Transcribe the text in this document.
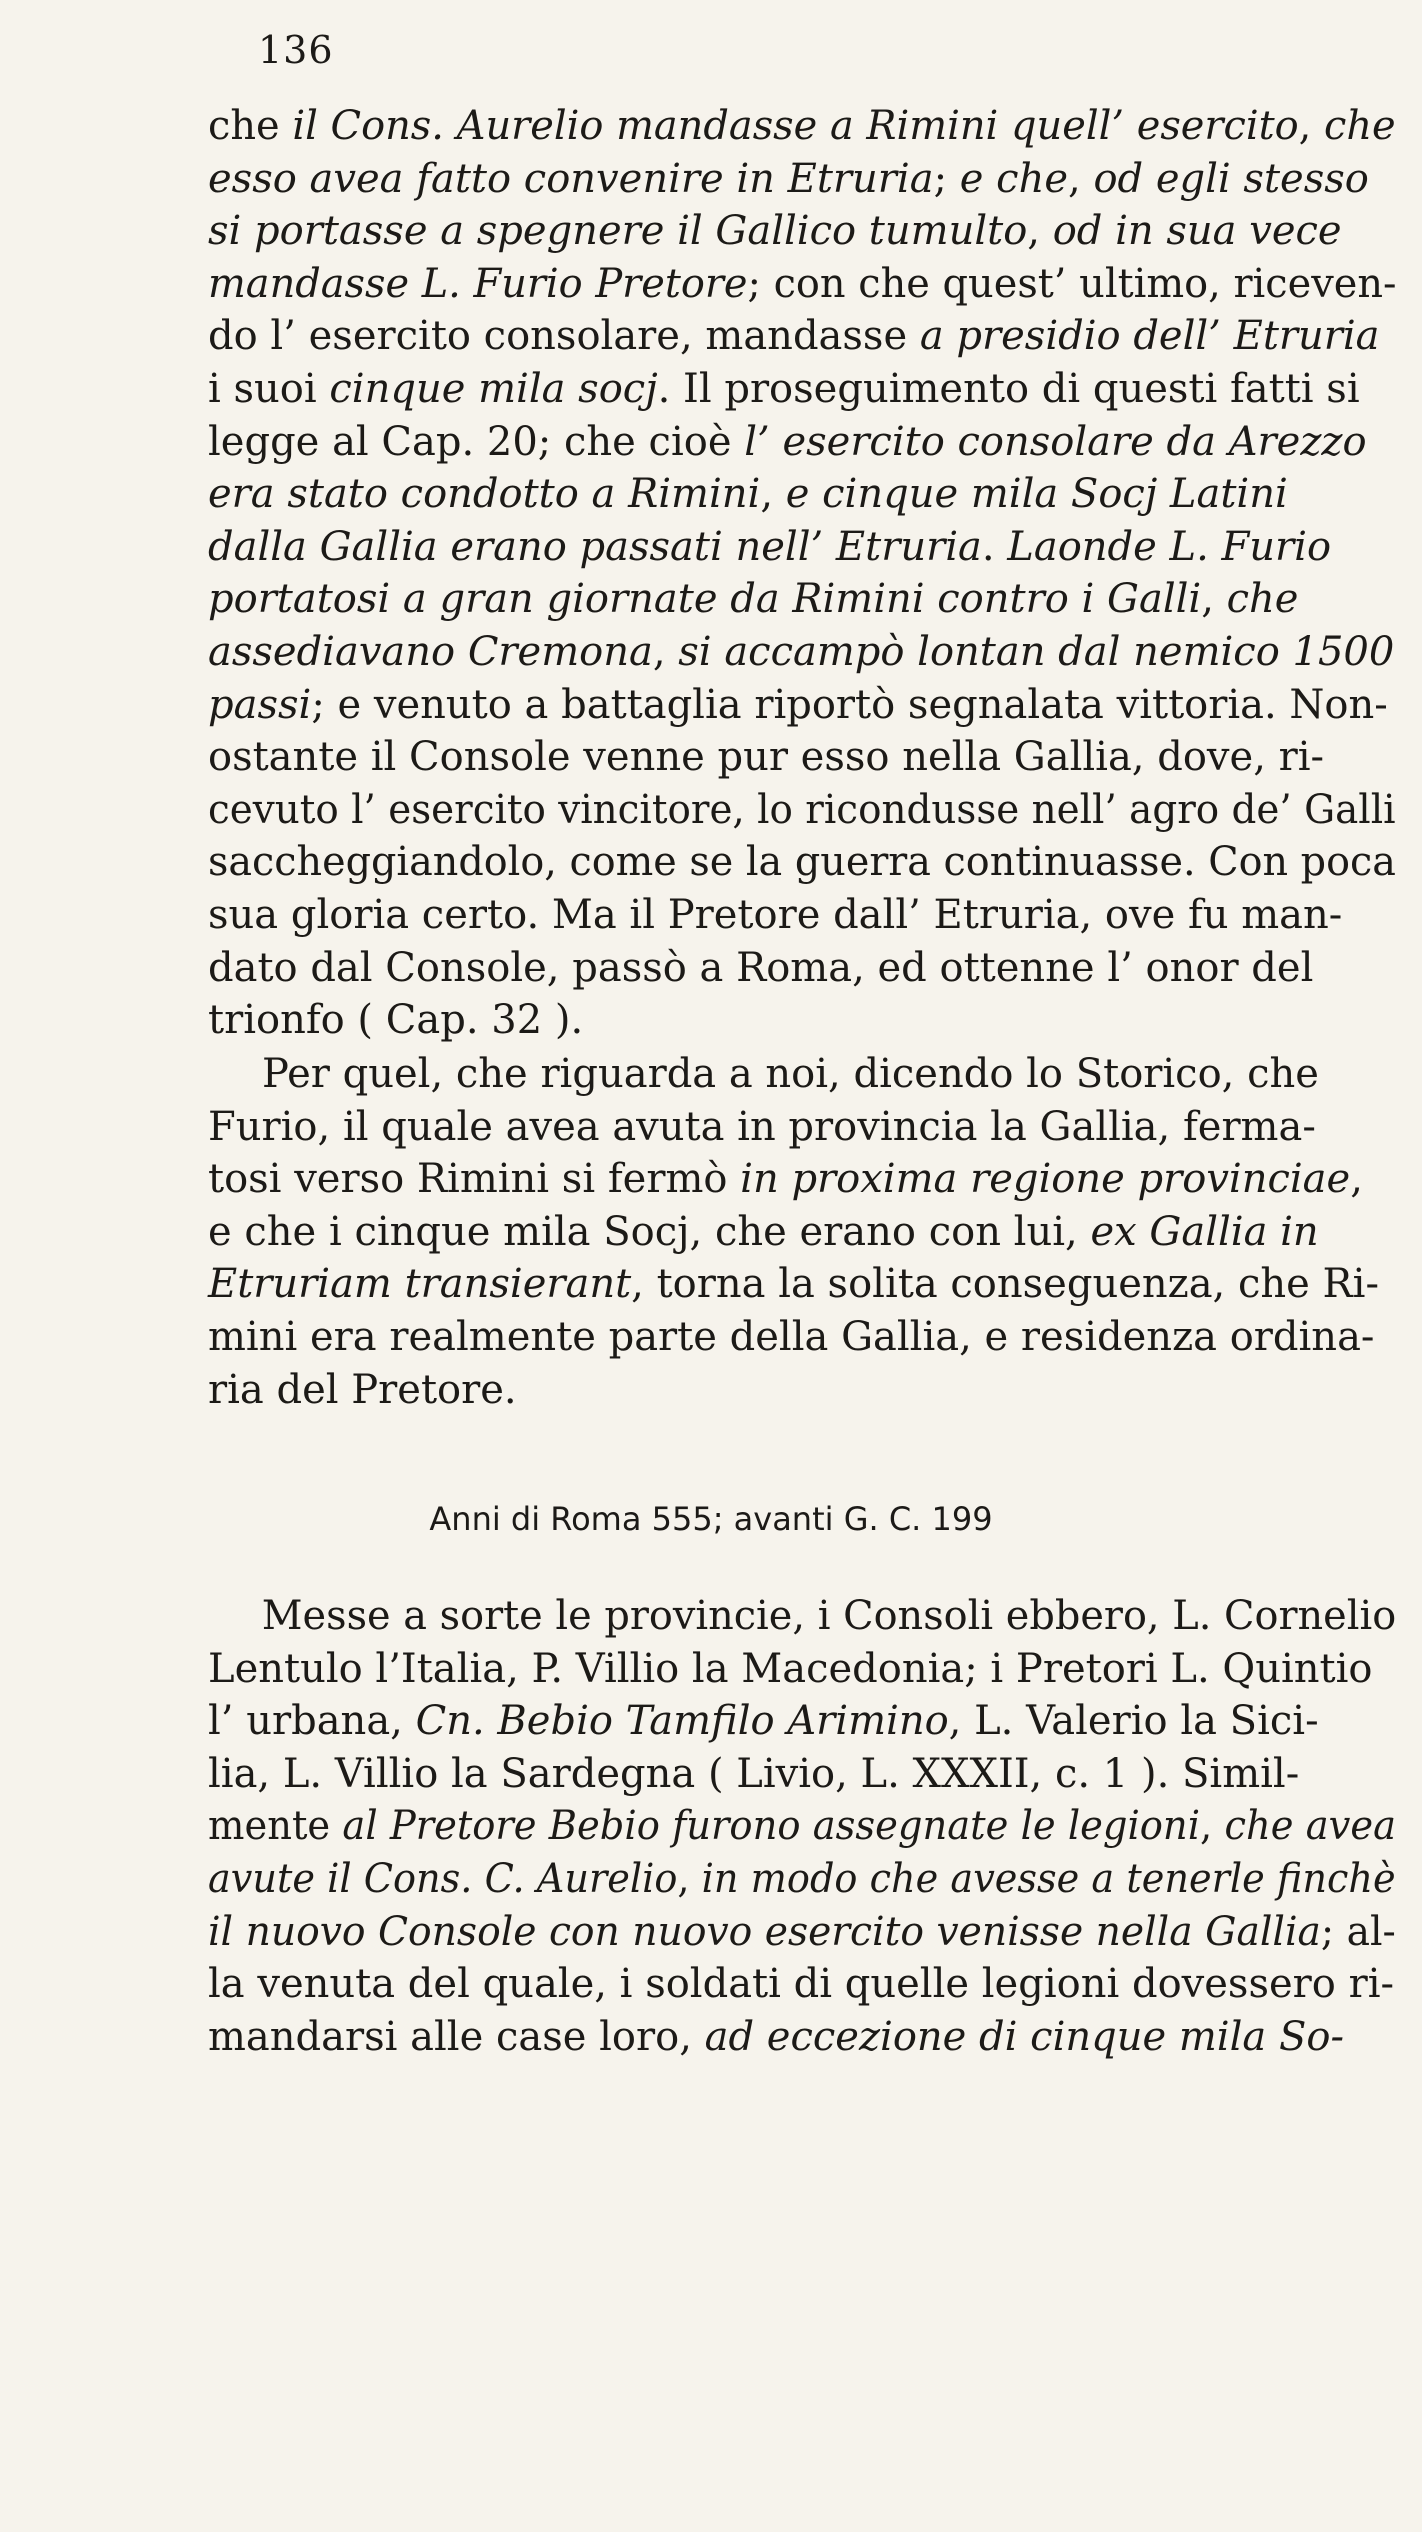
136
che il Cons. Aurelio mandasse a Rimini quell’ esercito, che
esso avea fatto convenire in Etruria; e che, od egli stesso
si portasse a spegnere il Gallico tumulto, od in sua vece
mandasse L. Furio Pretore; con che quest’ ultimo, riceven-
do l’ esercito consolare, mandasse a presidio dell’ Etruria
i suoi cinque mila socj. Il proseguimento di questi fatti si
legge al Cap. 20; che cioè l’ esercito consolare da Arezzo
era stato condotto a Rimini, e cinque mila Socj Latini
dalla Gallia erano passati nell’ Etruria. Laonde L. Furio
portatosi a gran giornate da Rimini contro i Galli, che
assediavano Cremona, si accampò lontan dal nemico 1500
passi; e venuto a battaglia riportò segnalata vittoria. Non-
ostante il Console venne pur esso nella Gallia, dove, ri-
cevuto l’ esercito vincitore, lo ricondusse nell’ agro de’ Galli
saccheggiandolo, come se la guerra continuasse. Con poca
sua gloria certo. Ma il Pretore dall’ Etruria, ove fu man-
dato dal Console, passò a Roma, ed ottenne l’ onor del
trionfo ( Cap. 32 ).
Per quel, che riguarda a noi, dicendo lo Storico, che
Furio, il quale avea avuta in provincia la Gallia, ferma-
tosi verso Rimini si fermò in proxima regione provinciae,
e che i cinque mila Socj, che erano con lui, ex Gallia in
Etruriam transierant, torna la solita conseguenza, che Ri-
mini era realmente parte della Gallia, e residenza ordina-
ria del Pretore.
Anni di Roma 555; avanti G. C. 199
Messe a sorte le provincie, i Consoli ebbero, L. Cornelio
Lentulo l’Italia, P. Villio la Macedonia; i Pretori L. Quintio
l’ urbana, Cn. Bebio Tamfilo Arimino, L. Valerio la Sici-
lia, L. Villio la Sardegna ( Livio, L. XXXII, c. 1 ). Simil-
mente al Pretore Bebio furono assegnate le legioni, che avea
avute il Cons. C. Aurelio, in modo che avesse a tenerle finchè
il nuovo Console con nuovo esercito venisse nella Gallia; al-
la venuta del quale, i soldati di quelle legioni dovessero ri-
mandarsi alle case loro, ad eccezione di cinque mila So-
